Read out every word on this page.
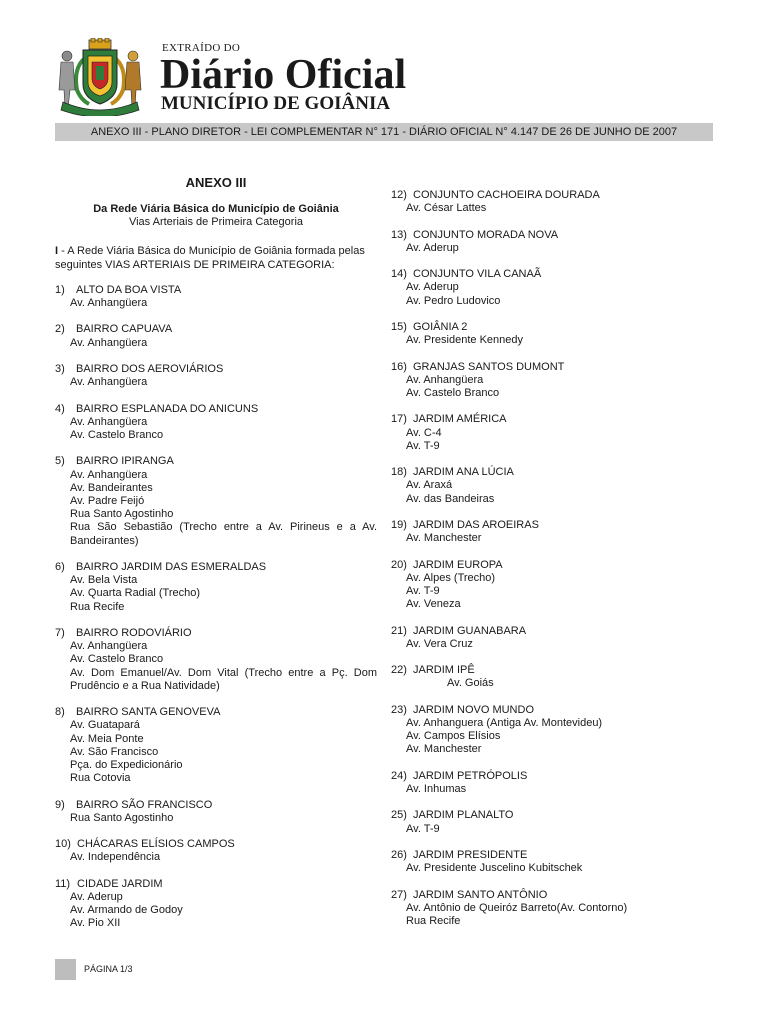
EXTRAÍDO DO
Diário Oficial
MUNICÍPIO DE GOIÂNIA
ANEXO III - PLANO DIRETOR - LEI COMPLEMENTAR N° 171 - DIÁRIO OFICIAL N° 4.147 DE 26 DE JUNHO DE 2007
ANEXO III
Da Rede Viária Básica do Município de Goiânia
Vias Arteriais de Primeira Categoria
I - A Rede Viária Básica do Município de Goiânia formada pelas seguintes VIAS ARTERIAIS DE PRIMEIRA CATEGORIA:
1) ALTO DA BOA VISTA
Av. Anhangüera
2) BAIRRO CAPUAVA
Av. Anhangüera
3) BAIRRO DOS AEROVIÁRIOS
Av. Anhangüera
4) BAIRRO ESPLANADA DO ANICUNS
Av. Anhangüera
Av. Castelo Branco
5) BAIRRO IPIRANGA
Av. Anhangüera
Av. Bandeirantes
Av. Padre Feijó
Rua Santo Agostinho
Rua São Sebastião (Trecho entre a Av. Pirineus e a Av. Bandeirantes)
6) BAIRRO JARDIM DAS ESMERALDAS
Av. Bela Vista
Av. Quarta Radial (Trecho)
Rua Recife
7) BAIRRO RODOVIÁRIO
Av. Anhangüera
Av. Castelo Branco
Av. Dom Emanuel/Av. Dom Vital (Trecho entre a Pç. Dom Prudêncio e a Rua Natividade)
8) BAIRRO SANTA GENOVEVA
Av. Guatapará
Av. Meia Ponte
Av. São Francisco
Pça. do Expedicionário
Rua Cotovia
9) BAIRRO SÃO FRANCISCO
Rua Santo Agostinho
10) CHÁCARAS ELÍSIOS CAMPOS
Av. Independência
11) CIDADE JARDIM
Av. Aderup
Av. Armando de Godoy
Av. Pio XII
12) CONJUNTO CACHOEIRA DOURADA
Av. César Lattes
13) CONJUNTO MORADA NOVA
Av. Aderup
14) CONJUNTO VILA CANAÃ
Av. Aderup
Av. Pedro Ludovico
15) GOIÂNIA 2
Av. Presidente Kennedy
16) GRANJAS SANTOS DUMONT
Av. Anhangüera
Av. Castelo Branco
17) JARDIM AMÉRICA
Av. C-4
Av. T-9
18) JARDIM ANA LÚCIA
Av. Araxá
Av. das Bandeiras
19) JARDIM DAS AROEIRAS
Av. Manchester
20) JARDIM EUROPA
Av. Alpes (Trecho)
Av. T-9
Av. Veneza
21) JARDIM GUANABARA
Av. Vera Cruz
22) JARDIM IPÊ
Av. Goiás
23) JARDIM NOVO MUNDO
Av. Anhanguera (Antiga Av. Montevideu)
Av. Campos Elísios
Av. Manchester
24) JARDIM PETRÓPOLIS
Av. Inhumas
25) JARDIM PLANALTO
Av. T-9
26) JARDIM PRESIDENTE
Av. Presidente Juscelino Kubitschek
27) JARDIM SANTO ANTÔNIO
Av. Antônio de Queiróz Barreto(Av. Contorno)
Rua Recife
PÁGINA 1/3
